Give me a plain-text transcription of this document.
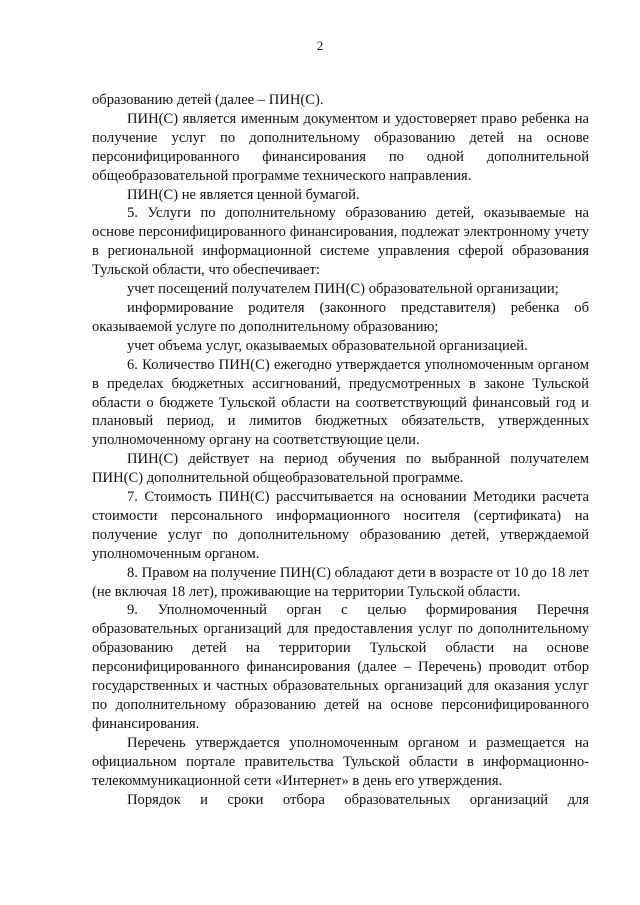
2

образованию детей (далее – ПИН(С).

ПИН(С) является именным документом и удостоверяет право ребенка на получение услуг по дополнительному образованию детей на основе персонифицированного финансирования по одной дополнительной общеобразовательной программе технического направления.

ПИН(С) не является ценной бумагой.

5. Услуги по дополнительному образованию детей, оказываемые на основе персонифицированного финансирования, подлежат электронному учету в региональной информационной системе управления сферой образования Тульской области, что обеспечивает:

учет посещений получателем ПИН(С) образовательной организации;

информирование родителя (законного представителя) ребенка об оказываемой услуге по дополнительному образованию;

учет объема услуг, оказываемых образовательной организацией.

6. Количество ПИН(С) ежегодно утверждается уполномоченным органом в пределах бюджетных ассигнований, предусмотренных в законе Тульской области о бюджете Тульской области на соответствующий финансовый год и плановый период, и лимитов бюджетных обязательств, утвержденных уполномоченному органу на соответствующие цели.

ПИН(С) действует на период обучения по выбранной получателем ПИН(С) дополнительной общеобразовательной программе.

7. Стоимость ПИН(С) рассчитывается на основании Методики расчета стоимости персонального информационного носителя (сертификата) на получение услуг по дополнительному образованию детей, утверждаемой уполномоченным органом.

8. Правом на получение ПИН(С) обладают дети в возрасте от 10 до 18 лет (не включая 18 лет), проживающие на территории Тульской области.

9. Уполномоченный орган с целью формирования Перечня образовательных организаций для предоставления услуг по дополнительному образованию детей на территории Тульской области на основе персонифицированного финансирования (далее – Перечень) проводит отбор государственных и частных образовательных организаций для оказания услуг по дополнительному образованию детей на основе персонифицированного финансирования.

Перечень утверждается уполномоченным органом и размещается на официальном портале правительства Тульской области в информационно-телекоммуникационной сети «Интернет» в день его утверждения.

Порядок и сроки отбора образовательных организаций для
